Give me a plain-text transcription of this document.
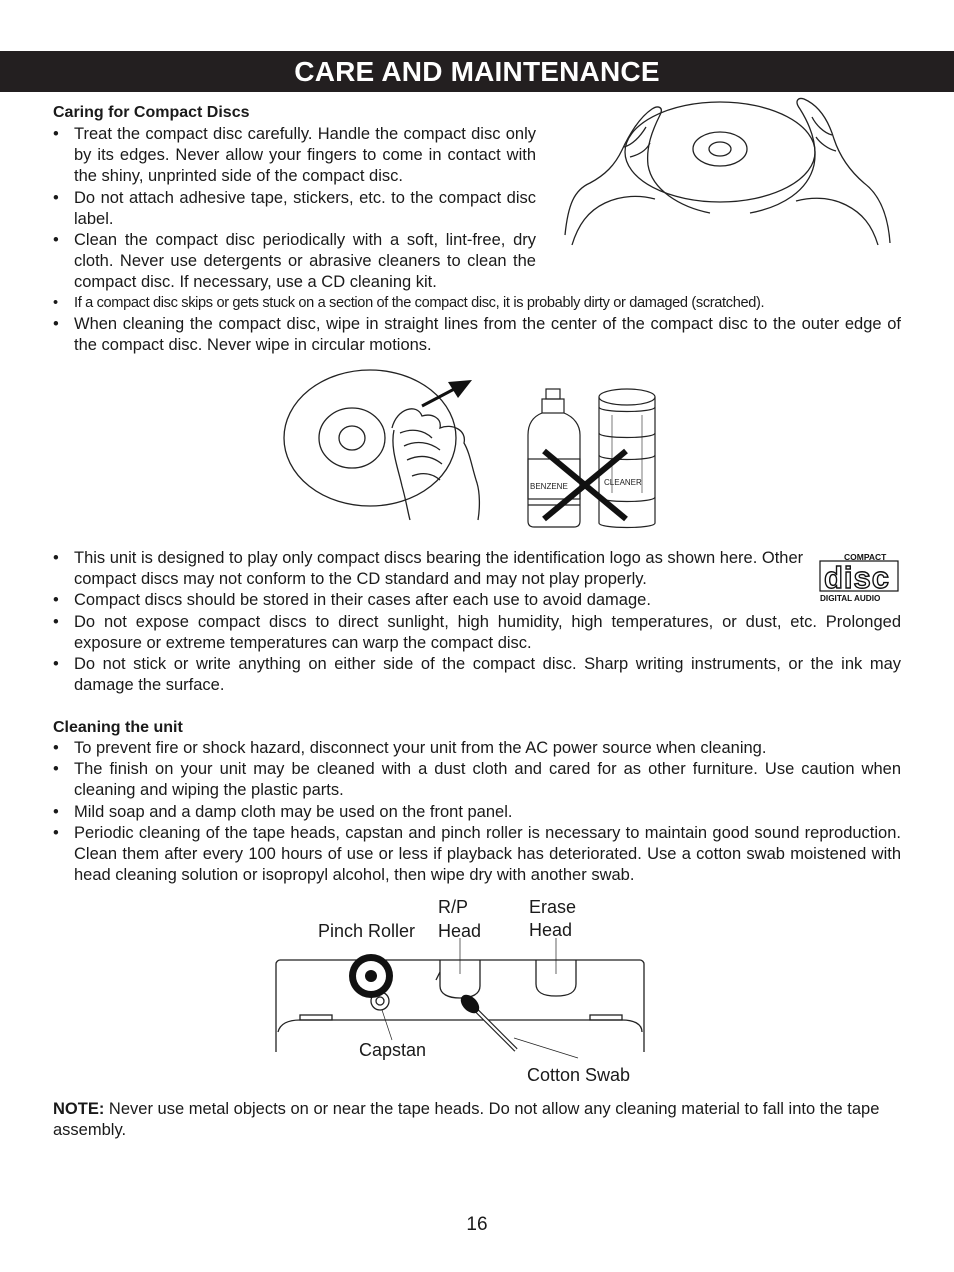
CARE AND MAINTENANCE
Caring for Compact Discs
• Treat the compact disc carefully. Handle the compact disc only by its edges. Never allow your fingers to come in contact with the shiny, unprinted side of the compact disc.
• Do not attach adhesive tape, stickers, etc. to the compact disc label.
• Clean the compact disc periodically with a soft, lint-free, dry cloth. Never use detergents or abrasive cleaners to clean the compact disc. If necessary, use a CD cleaning kit.
• If a compact disc skips or gets stuck on a section of the compact disc, it is probably dirty or damaged (scratched).
• When cleaning the compact disc, wipe in straight lines from the center of the compact disc to the outer edge of the compact disc. Never wipe in circular motions.
BENZENE	CLEANER
• This unit is designed to play only compact discs bearing the identification logo as shown here. Other compact discs may not conform to the CD standard and may not play properly.
• Compact discs should be stored in their cases after each use to avoid damage.
• Do not expose compact discs to direct sunlight, high humidity, high temperatures, or dust, etc. Prolonged exposure or extreme temperatures can warp the compact disc.
• Do not stick or write anything on either side of the compact disc. Sharp writing instruments, or the ink may damage the surface.
COMPACT
disc
DIGITAL AUDIO
Cleaning the unit
• To prevent fire or shock hazard, disconnect your unit from the AC power source when cleaning.
• The finish on your unit may be cleaned with a dust cloth and cared for as other furniture. Use caution when cleaning and wiping the plastic parts.
• Mild soap and a damp cloth may be used on the front panel.
• Periodic cleaning of the tape heads, capstan and pinch roller is necessary to maintain good sound reproduction. Clean them after every 100 hours of use or less if playback has deteriorated. Use a cotton swab moistened with head cleaning solution or isopropyl alcohol, then wipe dry with another swab.
Pinch Roller
R/P
Head
Erase
Head
Capstan
Cotton Swab
NOTE: Never use metal objects on or near the tape heads. Do not allow any cleaning material to fall into the tape assembly.
16
